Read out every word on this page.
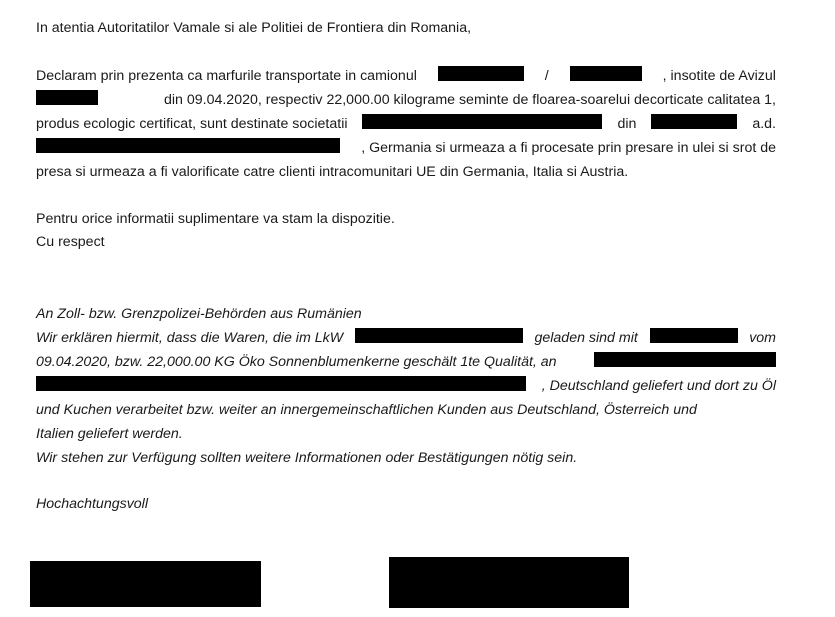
In atentia Autoritatilor Vamale si ale Politiei de Frontiera din Romania,
Declaram prin prezenta ca marfurile transportate in camionul	/	, insotite de Avizul
din 09.04.2020, respectiv 22,000.00 kilograme seminte de floarea-soarelui decorticate calitatea 1,
produs ecologic certificat, sunt destinate societatii	din	a.d.
, Germania si urmeaza a fi procesate prin presare in ulei si srot de
presa si urmeaza a fi valorificate catre clienti intracomunitari UE din Germania, Italia si Austria.
Pentru orice informatii suplimentare va stam la dispozitie.
Cu respect
An Zoll- bzw. Grenzpolizei-Behörden aus Rumänien
Wir erklären hiermit, dass die Waren, die im LkW	geladen sind mit	vom
09.04.2020, bzw. 22,000.00 KG Öko Sonnenblumenkerne geschält 1te Qualität, an
, Deutschland geliefert und dort zu Öl
und Kuchen verarbeitet bzw. weiter an innergemeinschaftlichen Kunden aus Deutschland, Österreich und
Italien geliefert werden.
Wir stehen zur Verfügung sollten weitere Informationen oder Bestätigungen nötig sein.
Hochachtungsvoll
